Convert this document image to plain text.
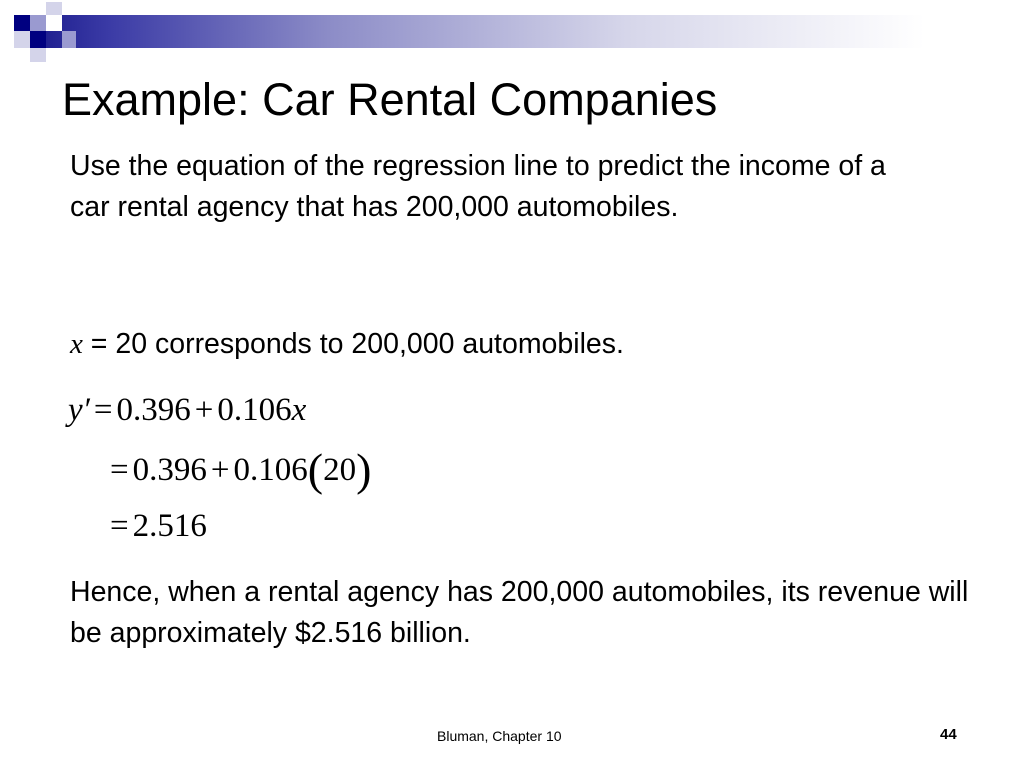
Example: Car Rental Companies

Use the equation of the regression line to predict the income of a car rental agency that has 200,000 automobiles.

x = 20 corresponds to 200,000 automobiles.
y′ = 0.396 + 0.106x
= 0.396 + 0.106(20)
= 2.516

Hence, when a rental agency has 200,000 automobiles, its revenue will be approximately $2.516 billion.

Bluman, Chapter 10	44
